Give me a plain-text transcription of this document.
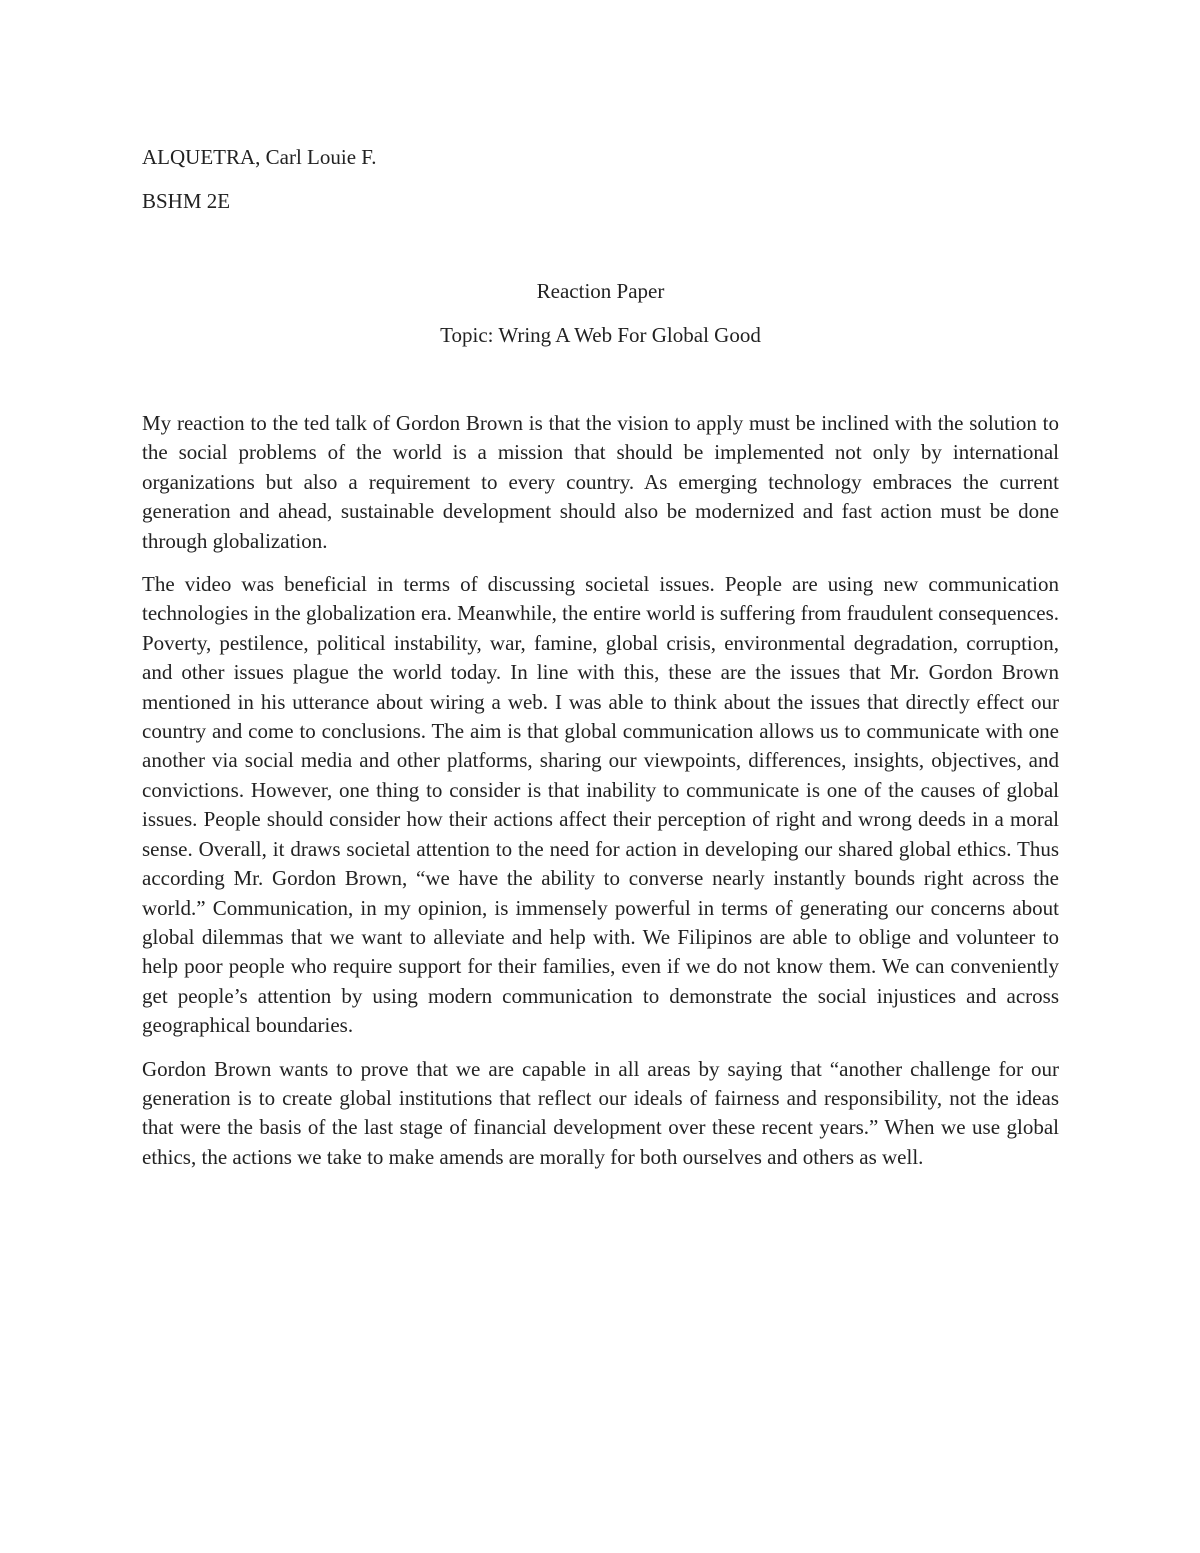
ALQUETRA, Carl Louie F.

BSHM 2E

Reaction Paper

Topic: Wring A Web For Global Good

My reaction to the ted talk of Gordon Brown is that the vision to apply must be inclined with the solution to the social problems of the world is a mission that should be implemented not only by international organizations but also a requirement to every country. As emerging technology embraces the current generation and ahead, sustainable development should also be modernized and fast action must be done through globalization.

The video was beneficial in terms of discussing societal issues. People are using new communication technologies in the globalization era. Meanwhile, the entire world is suffering from fraudulent consequences. Poverty, pestilence, political instability, war, famine, global crisis, environmental degradation, corruption, and other issues plague the world today. In line with this, these are the issues that Mr. Gordon Brown mentioned in his utterance about wiring a web. I was able to think about the issues that directly effect our country and come to conclusions. The aim is that global communication allows us to communicate with one another via social media and other platforms, sharing our viewpoints, differences, insights, objectives, and convictions. However, one thing to consider is that inability to communicate is one of the causes of global issues. People should consider how their actions affect their perception of right and wrong deeds in a moral sense. Overall, it draws societal attention to the need for action in developing our shared global ethics. Thus according Mr. Gordon Brown, “we have the ability to converse nearly instantly bounds right across the world.” Communication, in my opinion, is immensely powerful in terms of generating our concerns about global dilemmas that we want to alleviate and help with. We Filipinos are able to oblige and volunteer to help poor people who require support for their families, even if we do not know them. We can conveniently get people’s attention by using modern communication to demonstrate the social injustices and across geographical boundaries.

Gordon Brown wants to prove that we are capable in all areas by saying that “another challenge for our generation is to create global institutions that reflect our ideals of fairness and responsibility, not the ideas that were the basis of the last stage of financial development over these recent years.” When we use global ethics, the actions we take to make amends are morally for both ourselves and others as well.
